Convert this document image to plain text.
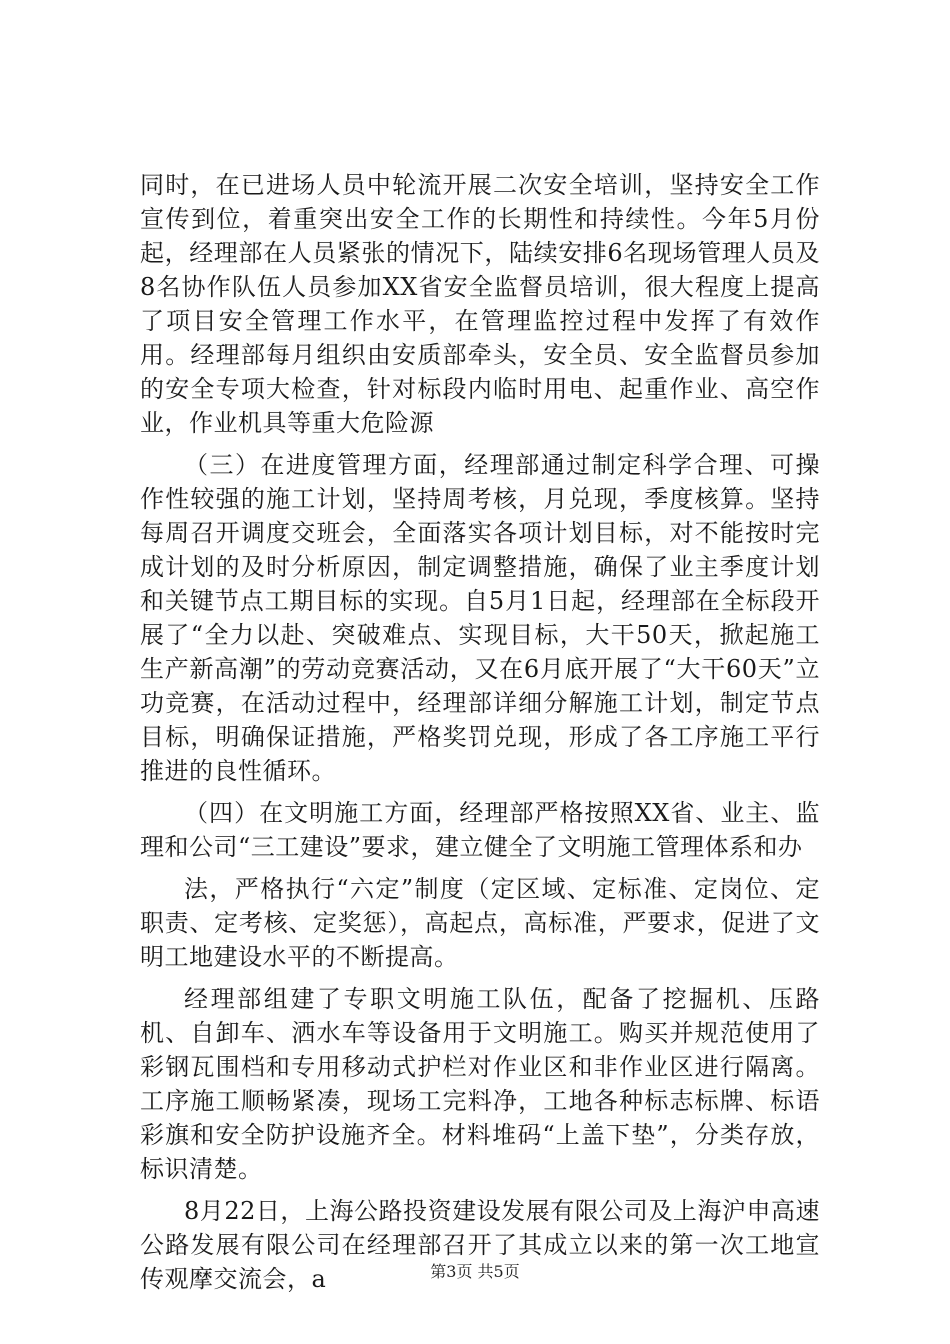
同时，在已进场人员中轮流开展二次安全培训，坚持安全工作宣传到位，着重突出安全工作的长期性和持续性。今年5月份起，经理部在人员紧张的情况下，陆续安排6名现场管理人员及8名协作队伍人员参加XX省安全监督员培训，很大程度上提高了项目安全管理工作水平，在管理监控过程中发挥了有效作用。经理部每月组织由安质部牵头，安全员、安全监督员参加的安全专项大检查，针对标段内临时用电、起重作业、高空作业，作业机具等重大危险源

（三）在进度管理方面，经理部通过制定科学合理、可操作性较强的施工计划，坚持周考核，月兑现，季度核算。坚持每周召开调度交班会，全面落实各项计划目标，对不能按时完成计划的及时分析原因，制定调整措施，确保了业主季度计划和关键节点工期目标的实现。自5月1日起，经理部在全标段开展了“全力以赴、突破难点、实现目标，大干50天，掀起施工生产新高潮”的劳动竞赛活动，又在6月底开展了“大干60天”立功竞赛，在活动过程中，经理部详细分解施工计划，制定节点目标，明确保证措施，严格奖罚兑现，形成了各工序施工平行推进的良性循环。

（四）在文明施工方面，经理部严格按照XX省、业主、监理和公司“三工建设”要求，建立健全了文明施工管理体系和办

法，严格执行“六定”制度（定区域、定标准、定岗位、定职责、定考核、定奖惩），高起点，高标准，严要求，促进了文明工地建设水平的不断提高。

经理部组建了专职文明施工队伍，配备了挖掘机、压路机、自卸车、洒水车等设备用于文明施工。购买并规范使用了彩钢瓦围档和专用移动式护栏对作业区和非作业区进行隔离。工序施工顺畅紧凑，现场工完料净，工地各种标志标牌、标语彩旗和安全防护设施齐全。材料堆码“上盖下垫”，分类存放，标识清楚。

8月22日，上海公路投资建设发展有限公司及上海沪申高速公路发展有限公司在经理部召开了其成立以来的第一次工地宣传观摩交流会，a	第3页 共5页
